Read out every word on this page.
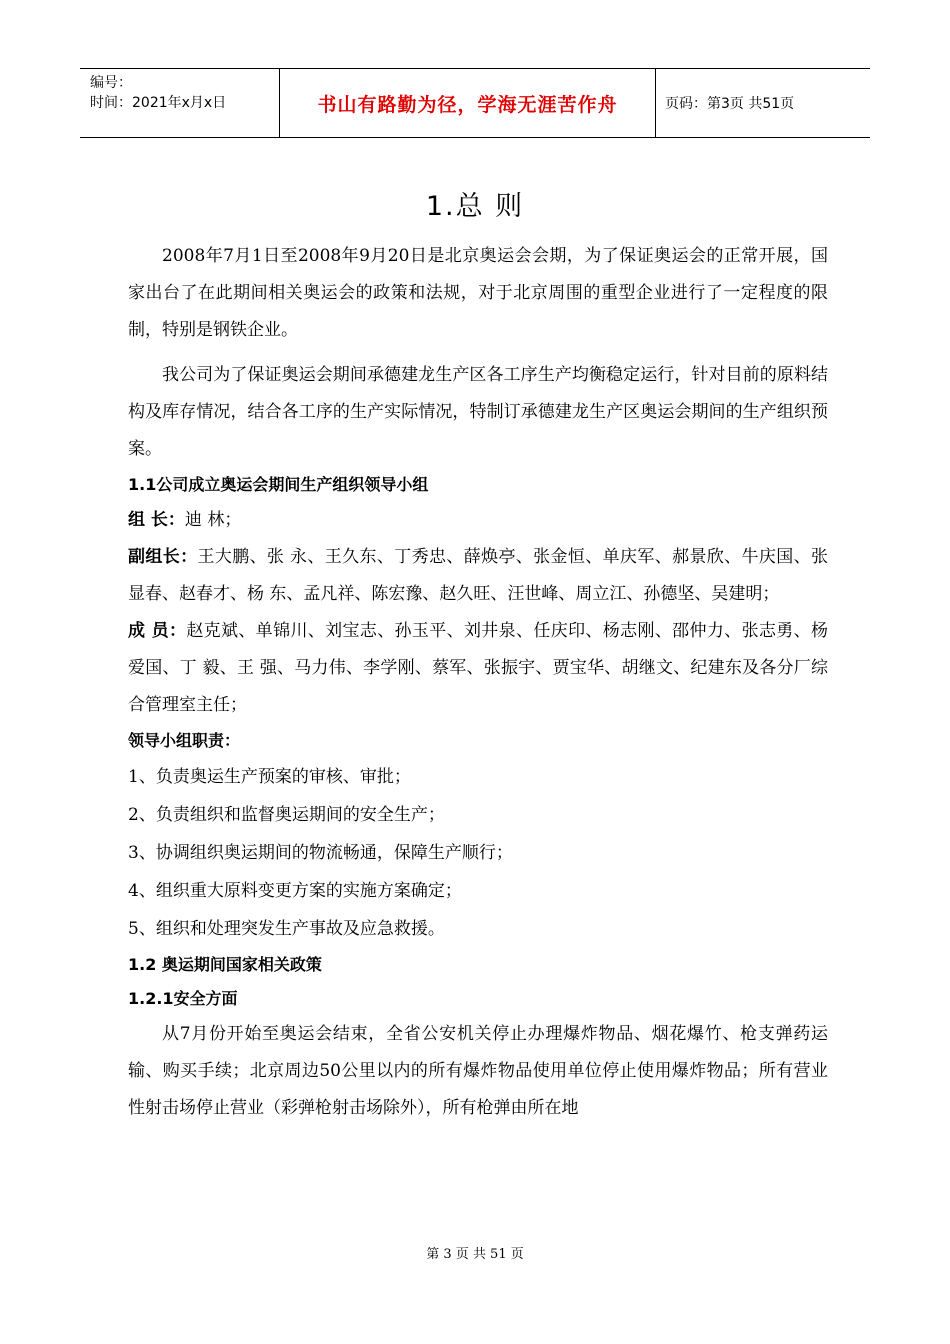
编号：
时间：2021年x月x日	书山有路勤为径，学海无涯苦作舟	页码：第3页 共51页
1.总 则

2008年7月1日至2008年9月20日是北京奥运会会期，为了保证奥运会的正常开展，国家出台了在此期间相关奥运会的政策和法规，对于北京周围的重型企业进行了一定程度的限制，特别是钢铁企业。

我公司为了保证奥运会期间承德建龙生产区各工序生产均衡稳定运行，针对目前的原料结构及库存情况，结合各工序的生产实际情况，特制订承德建龙生产区奥运会期间的生产组织预案。

1.1公司成立奥运会期间生产组织领导小组

组 长：迪 林；

副组长：王大鹏、张 永、王久东、丁秀忠、薛焕亭、张金恒、单庆军、郝景欣、牛庆国、张显春、赵春才、杨 东、孟凡祥、陈宏豫、赵久旺、汪世峰、周立江、孙德坚、吴建明；

成 员：赵克斌、单锦川、刘宝志、孙玉平、刘井泉、任庆印、杨志刚、邵仲力、张志勇、杨爱国、丁 毅、王 强、马力伟、李学刚、蔡军、张振宇、贾宝华、胡继文、纪建东及各分厂综合管理室主任；

领导小组职责：

1、负责奥运生产预案的审核、审批；

2、负责组织和监督奥运期间的安全生产；

3、协调组织奥运期间的物流畅通，保障生产顺行；

4、组织重大原料变更方案的实施方案确定；

5、组织和处理突发生产事故及应急救援。

1.2 奥运期间国家相关政策

1.2.1安全方面

从7月份开始至奥运会结束，全省公安机关停止办理爆炸物品、烟花爆竹、枪支弹药运输、购买手续；北京周边50公里以内的所有爆炸物品使用单位停止使用爆炸物品；所有营业性射击场停止营业（彩弹枪射击场除外），所有枪弹由所在地

第 3 页 共 51 页
